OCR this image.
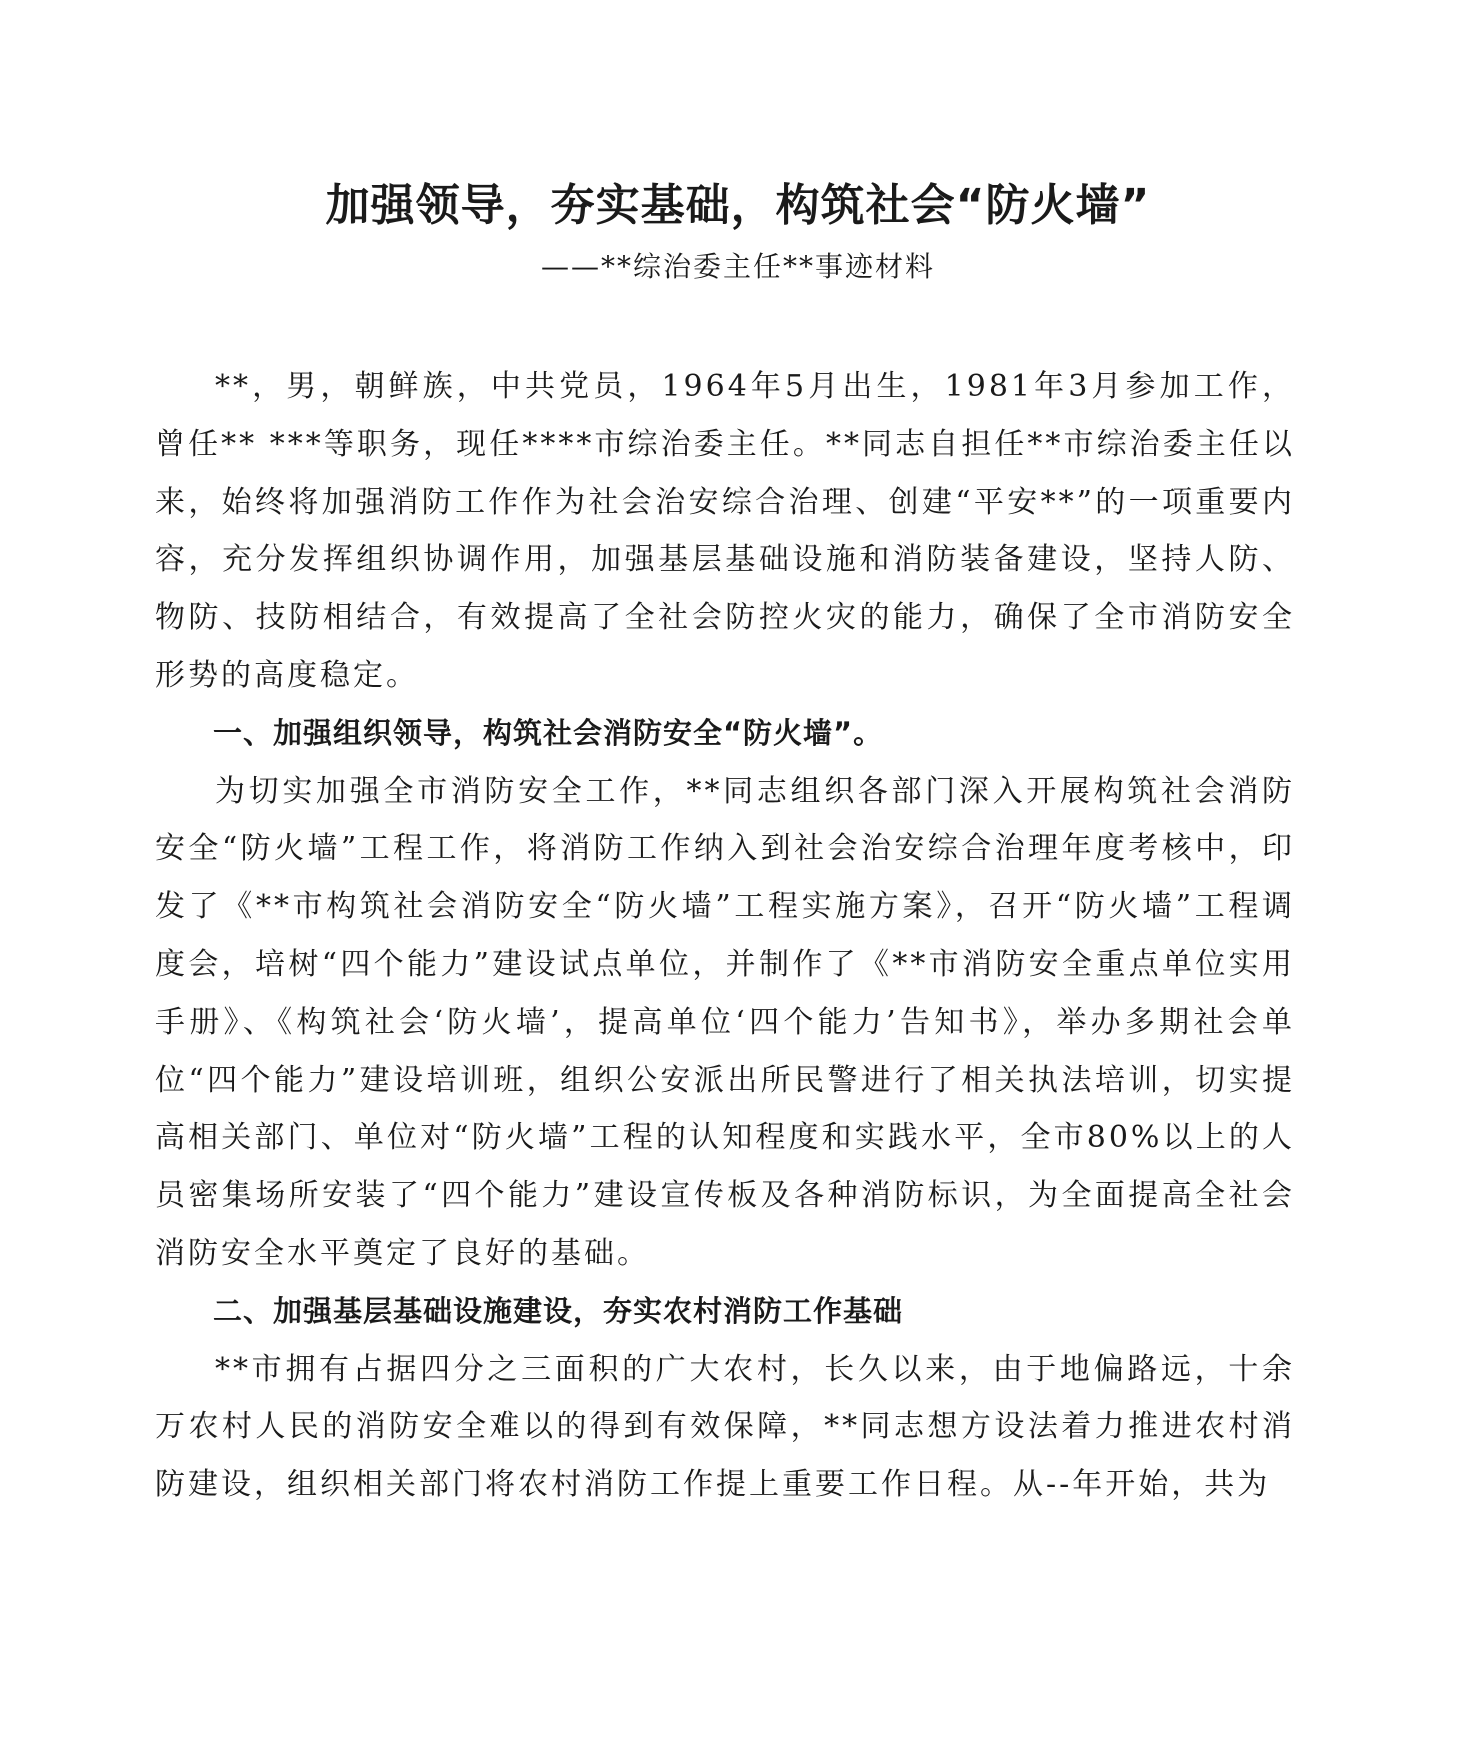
加强领导，夯实基础，构筑社会“防火墙”
——**综治委主任**事迹材料

**，男，朝鲜族，中共党员，1964年5月出生，1981年3月参加工作，曾任** ***等职务，现任****市综治委主任。**同志自担任**市综治委主任以来，始终将加强消防工作作为社会治安综合治理、创建“平安**”的一项重要内容，充分发挥组织协调作用，加强基层基础设施和消防装备建设，坚持人防、物防、技防相结合，有效提高了全社会防控火灾的能力，确保了全市消防安全形势的高度稳定。

一、加强组织领导，构筑社会消防安全“防火墙”。

为切实加强全市消防安全工作，**同志组织各部门深入开展构筑社会消防安全“防火墙”工程工作，将消防工作纳入到社会治安综合治理年度考核中，印发了《**市构筑社会消防安全“防火墙”工程实施方案》，召开“防火墙”工程调度会，培树“四个能力”建设试点单位，并制作了《**市消防安全重点单位实用手册》、《构筑社会‘防火墙’，提高单位‘四个能力’告知书》，举办多期社会单位“四个能力”建设培训班，组织公安派出所民警进行了相关执法培训，切实提高相关部门、单位对“防火墙”工程的认知程度和实践水平，全市80%以上的人员密集场所安装了“四个能力”建设宣传板及各种消防标识，为全面提高全社会消防安全水平奠定了良好的基础。

二、加强基层基础设施建设，夯实农村消防工作基础

**市拥有占据四分之三面积的广大农村，长久以来，由于地偏路远，十余万农村人民的消防安全难以的得到有效保障，**同志想方设法着力推进农村消防建设，组织相关部门将农村消防工作提上重要工作日程。从--年开始，共为
